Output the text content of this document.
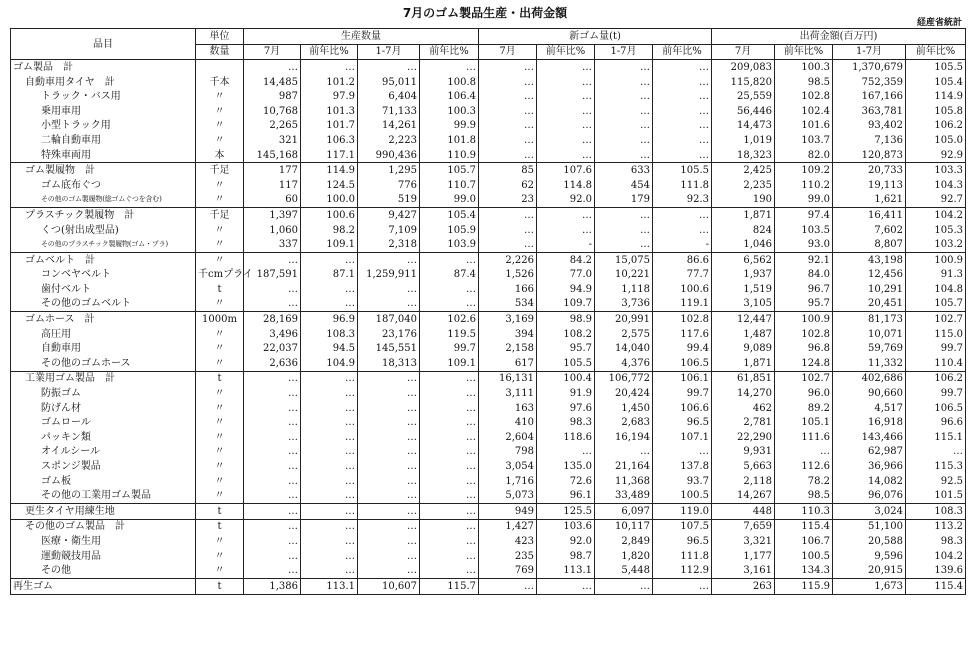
7月のゴム製品生産・出荷金額
経産省統計
品目	単位	生産数量				新ゴム量(t)				出荷金額(百万円)			
	数量	7月	前年比%	1-7月	前年比%	7月	前年比%	1-7月	前年比%	7月	前年比%	1-7月	前年比%
ゴム製品　計		…	…	…	…	…	…	…	…	209,083	100.3	1,370,679	105.5
自動車用タイヤ　計	千本	14,485	101.2	95,011	100.8	…	…	…	…	115,820	98.5	752,359	105.4
トラック・バス用	〃	987	97.9	6,404	106.4	…	…	…	…	25,559	102.8	167,166	114.9
乗用車用	〃	10,768	101.3	71,133	100.3	…	…	…	…	56,446	102.4	363,781	105.8
小型トラック用	〃	2,265	101.7	14,261	99.9	…	…	…	…	14,473	101.6	93,402	106.2
二輪自動車用	〃	321	106.3	2,223	101.8	…	…	…	…	1,019	103.7	7,136	105.0
特殊車両用	本	145,168	117.1	990,436	110.9	…	…	…	…	18,323	82.0	120,873	92.9
ゴム製履物　計	千足	177	114.9	1,295	105.7	85	107.6	633	105.5	2,425	109.2	20,733	103.3
ゴム底布ぐつ	〃	117	124.5	776	110.7	62	114.8	454	111.8	2,235	110.2	19,113	104.3
その他のゴム製履物(総ゴムぐつを含む)	〃	60	100.0	519	99.0	23	92.0	179	92.3	190	99.0	1,621	92.7
プラスチック製履物　計	千足	1,397	100.6	9,427	105.4	…	…	…	…	1,871	97.4	16,411	104.2
くつ(射出成型品)	〃	1,060	98.2	7,109	105.9	…	…	…	…	824	103.5	7,602	105.3
その他のプラスチック製履物(ゴム・プラ)	〃	337	109.1	2,318	103.9	…	-	…	-	1,046	93.0	8,807	103.2
ゴムベルト　計	〃	…	…	…	…	2,226	84.2	15,075	86.6	6,562	92.1	43,198	100.9
コンベヤベルト	千cmプライ	187,591	87.1	1,259,911	87.4	1,526	77.0	10,221	77.7	1,937	84.0	12,456	91.3
歯付ベルト	t	…	…	…	…	166	94.9	1,118	100.6	1,519	96.7	10,291	104.8
その他のゴムベルト	〃	…	…	…	…	534	109.7	3,736	119.1	3,105	95.7	20,451	105.7
ゴムホース　計	1000m	28,169	96.9	187,040	102.6	3,169	98.9	20,991	102.8	12,447	100.9	81,173	102.7
高圧用	〃	3,496	108.3	23,176	119.5	394	108.2	2,575	117.6	1,487	102.8	10,071	115.0
自動車用	〃	22,037	94.5	145,551	99.7	2,158	95.7	14,040	99.4	9,089	96.8	59,769	99.7
その他のゴムホース	〃	2,636	104.9	18,313	109.1	617	105.5	4,376	106.5	1,871	124.8	11,332	110.4
工業用ゴム製品　計	t	…	…	…	…	16,131	100.4	106,772	106.1	61,851	102.7	402,686	106.2
防振ゴム	〃	…	…	…	…	3,111	91.9	20,424	99.7	14,270	96.0	90,660	99.7
防げん材	〃	…	…	…	…	163	97.6	1,450	106.6	462	89.2	4,517	106.5
ゴムロール	〃	…	…	…	…	410	98.3	2,683	96.5	2,781	105.1	16,918	96.6
パッキン類	〃	…	…	…	…	2,604	118.6	16,194	107.1	22,290	111.6	143,466	115.1
オイルシール	〃	…	…	…	…	798	…	…	…	9,931	…	62,987	…
スポンジ製品	〃	…	…	…	…	3,054	135.0	21,164	137.8	5,663	112.6	36,966	115.3
ゴム板	〃	…	…	…	…	1,716	72.6	11,368	93.7	2,118	78.2	14,082	92.5
その他の工業用ゴム製品	〃	…	…	…	…	5,073	96.1	33,489	100.5	14,267	98.5	96,076	101.5
更生タイヤ用練生地	t	…	…	…	…	949	125.5	6,097	119.0	448	110.3	3,024	108.3
その他のゴム製品　計	t	…	…	…	…	1,427	103.6	10,117	107.5	7,659	115.4	51,100	113.2
医療・衛生用	〃	…	…	…	…	423	92.0	2,849	96.5	3,321	106.7	20,588	98.3
運動競技用品	〃	…	…	…	…	235	98.7	1,820	111.8	1,177	100.5	9,596	104.2
その他	〃	…	…	…	…	769	113.1	5,448	112.9	3,161	134.3	20,915	139.6
再生ゴム	t	1,386	113.1	10,607	115.7	…	…	…	…	263	115.9	1,673	115.4
